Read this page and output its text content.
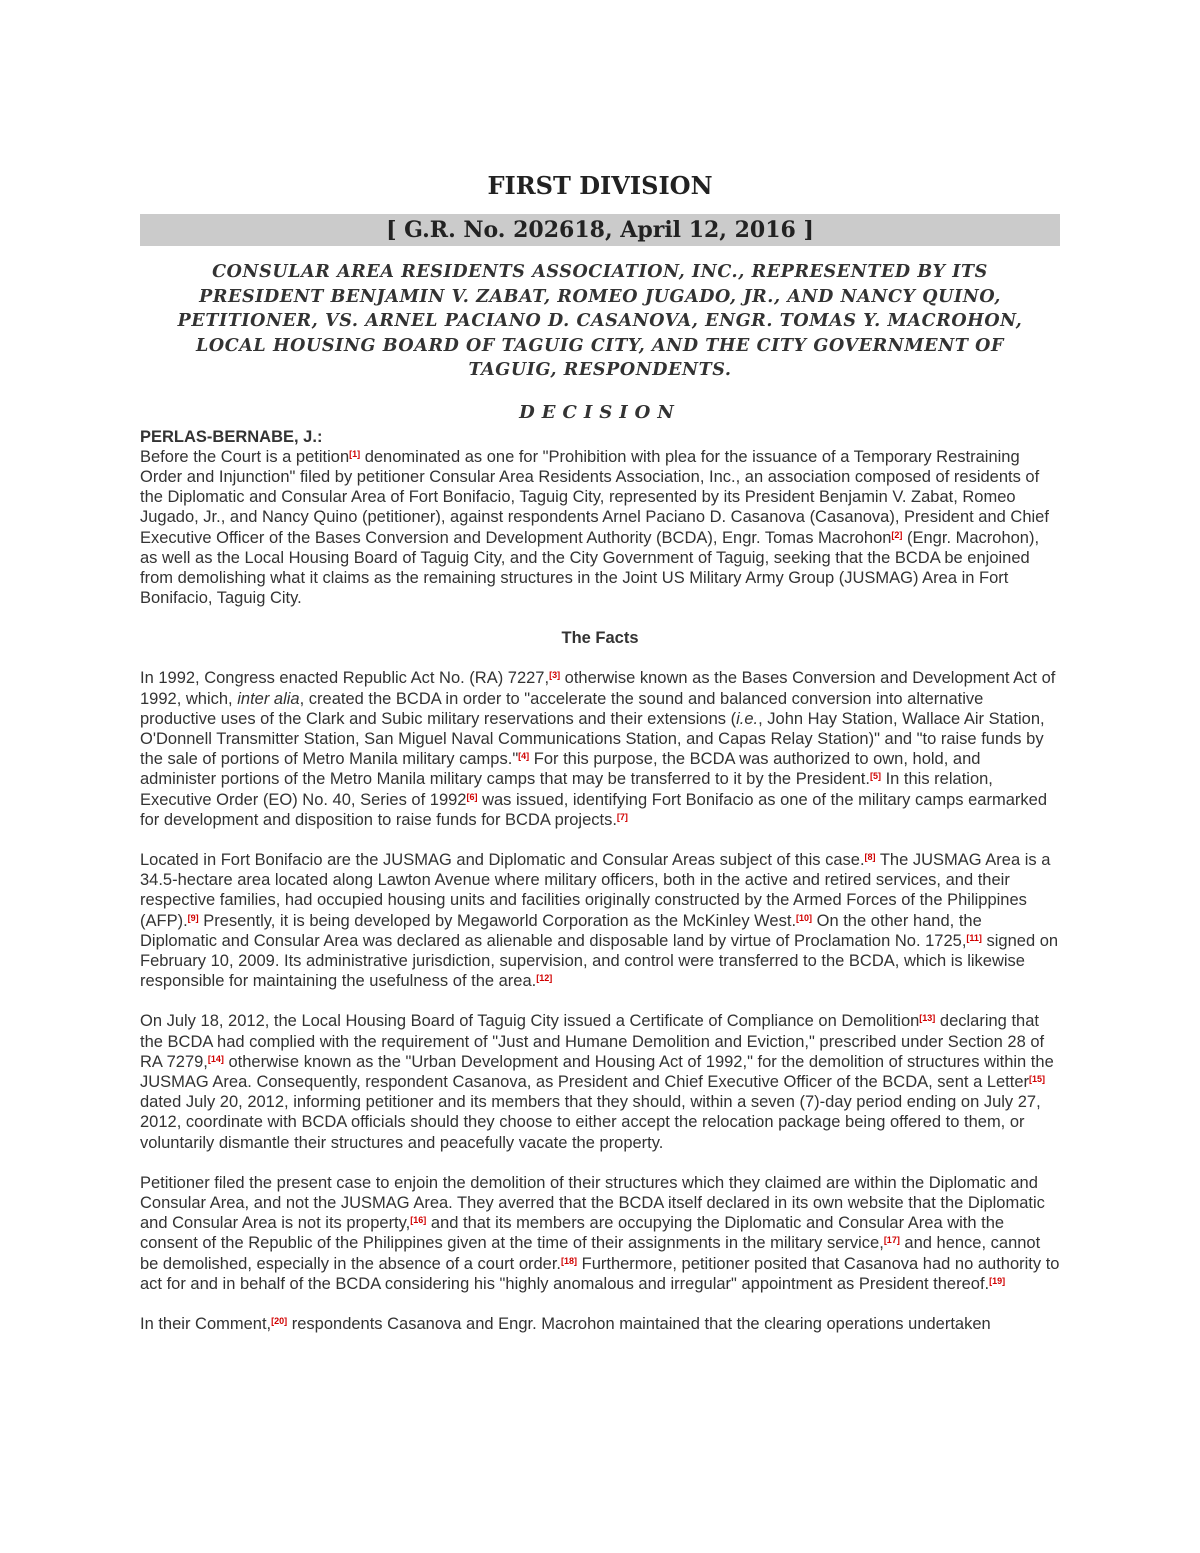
FIRST DIVISION
[ G.R. No. 202618, April 12, 2016 ]
CONSULAR AREA RESIDENTS ASSOCIATION, INC., REPRESENTED BY ITS PRESIDENT BENJAMIN V. ZABAT, ROMEO JUGADO, JR., AND NANCY QUINO, PETITIONER, VS. ARNEL PACIANO D. CASANOVA, ENGR. TOMAS Y. MACROHON, LOCAL HOUSING BOARD OF TAGUIG CITY, AND THE CITY GOVERNMENT OF TAGUIG, RESPONDENTS.
DECISION
PERLAS-BERNABE, J.:

Before the Court is a petition[1] denominated as one for "Prohibition with plea for the issuance of a Temporary Restraining Order and Injunction" filed by petitioner Consular Area Residents Association, Inc., an association composed of residents of the Diplomatic and Consular Area of Fort Bonifacio, Taguig City, represented by its President Benjamin V. Zabat, Romeo Jugado, Jr., and Nancy Quino (petitioner), against respondents Arnel Paciano D. Casanova (Casanova), President and Chief Executive Officer of the Bases Conversion and Development Authority (BCDA), Engr. Tomas Macrohon[2] (Engr. Macrohon), as well as the Local Housing Board of Taguig City, and the City Government of Taguig, seeking that the BCDA be enjoined from demolishing what it claims as the remaining structures in the Joint US Military Army Group (JUSMAG) Area in Fort Bonifacio, Taguig City.

The Facts

In 1992, Congress enacted Republic Act No. (RA) 7227,[3] otherwise known as the Bases Conversion and Development Act of 1992, which, inter alia, created the BCDA in order to "accelerate the sound and balanced conversion into alternative productive uses of the Clark and Subic military reservations and their extensions (i.e., John Hay Station, Wallace Air Station, O'Donnell Transmitter Station, San Miguel Naval Communications Station, and Capas Relay Station)" and "to raise funds by the sale of portions of Metro Manila military camps."[4] For this purpose, the BCDA was authorized to own, hold, and administer portions of the Metro Manila military camps that may be transferred to it by the President.[5] In this relation, Executive Order (EO) No. 40, Series of 1992[6] was issued, identifying Fort Bonifacio as one of the military camps earmarked for development and disposition to raise funds for BCDA projects.[7]

Located in Fort Bonifacio are the JUSMAG and Diplomatic and Consular Areas subject of this case.[8] The JUSMAG Area is a 34.5-hectare area located along Lawton Avenue where military officers, both in the active and retired services, and their respective families, had occupied housing units and facilities originally constructed by the Armed Forces of the Philippines (AFP).[9] Presently, it is being developed by Megaworld Corporation as the McKinley West.[10] On the other hand, the Diplomatic and Consular Area was declared as alienable and disposable land by virtue of Proclamation No. 1725,[11] signed on February 10, 2009. Its administrative jurisdiction, supervision, and control were transferred to the BCDA, which is likewise responsible for maintaining the usefulness of the area.[12]

On July 18, 2012, the Local Housing Board of Taguig City issued a Certificate of Compliance on Demolition[13] declaring that the BCDA had complied with the requirement of "Just and Humane Demolition and Eviction," prescribed under Section 28 of RA 7279,[14] otherwise known as the "Urban Development and Housing Act of 1992," for the demolition of structures within the JUSMAG Area. Consequently, respondent Casanova, as President and Chief Executive Officer of the BCDA, sent a Letter[15] dated July 20, 2012, informing petitioner and its members that they should, within a seven (7)-day period ending on July 27, 2012, coordinate with BCDA officials should they choose to either accept the relocation package being offered to them, or voluntarily dismantle their structures and peacefully vacate the property.

Petitioner filed the present case to enjoin the demolition of their structures which they claimed are within the Diplomatic and Consular Area, and not the JUSMAG Area. They averred that the BCDA itself declared in its own website that the Diplomatic and Consular Area is not its property,[16] and that its members are occupying the Diplomatic and Consular Area with the consent of the Republic of the Philippines given at the time of their assignments in the military service,[17] and hence, cannot be demolished, especially in the absence of a court order.[18] Furthermore, petitioner posited that Casanova had no authority to act for and in behalf of the BCDA considering his "highly anomalous and irregular" appointment as President thereof.[19]

In their Comment,[20] respondents Casanova and Engr. Macrohon maintained that the clearing operations undertaken
